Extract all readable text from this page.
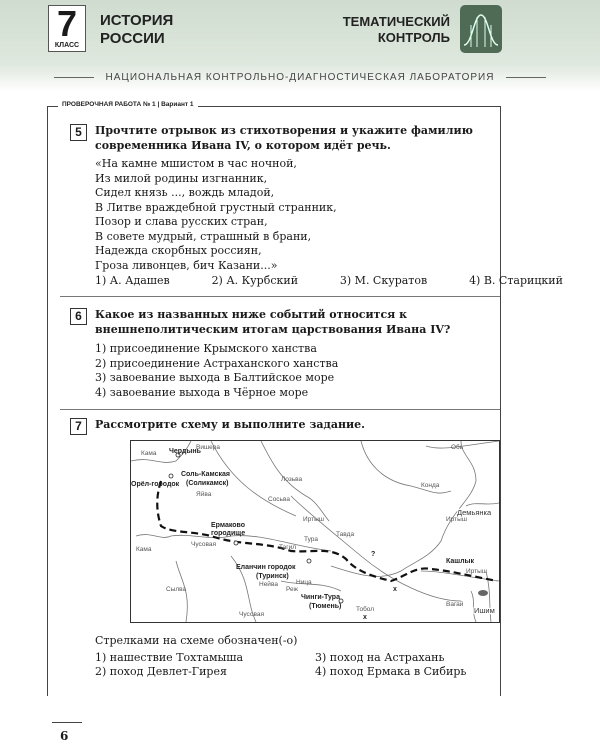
7
КЛАСС
ИСТОРИЯ
РОССИИ
ТЕМАТИЧЕСКИЙ
КОНТРОЛЬ
НАЦИОНАЛЬНАЯ КОНТРОЛЬНО-ДИАГНОСТИЧЕСКАЯ ЛАБОРАТОРИЯ
ПРОВЕРОЧНАЯ РАБОТА № 1 | Вариант 1
5	Прочтите отрывок из стихотворения и укажите фамилию современника Ивана IV, о котором идёт речь.
«На камне мшистом в час ночной,
Из милой родины изгнанник,
Сидел князь ..., вождь младой,
В Литве враждебной грустный странник,
Позор и слава русских стран,
В совете мудрый, страшный в брани,
Надежда скорбных россиян,
Гроза ливонцев, бич Казани...»
1) А. Адашев	2) А. Курбский	3) М. Скуратов	4) В. Старицкий
6	Какое из названных ниже событий относится к внешнеполитическим итогам царствования Ивана IV?
1) присоединение Крымского ханства
2) присоединение Астраханского ханства
3) завоевание выхода в Балтийское море
4) завоевание выхода в Чёрное море
7	Рассмотрите схему и выполните задание.
Чердынь
Соль-Камская
(Соликамск)
Орёл-городок
Ермаково
городище
Еланчин городок
(Туринск)
Чинги-Тура
(Тюмень)
Кашлык
Кама
Вишера
Яйва
Лозьва
Сосьва
Иртыш
Тура
Тагил
Чусовая
Кама
Нейва
Реж
Сылва
Чусовая
Ница
Тавда
Конда
Обь
Иртыш
Демьянка
Иртыш
Тобол
Вагай
Ишим
?
x
x
Стрелками на схеме обозначен(-о)
1) нашествие Тохтамыша	3) поход на Астрахань
2) поход Девлет-Гирея	4) поход Ермака в Сибирь
6
